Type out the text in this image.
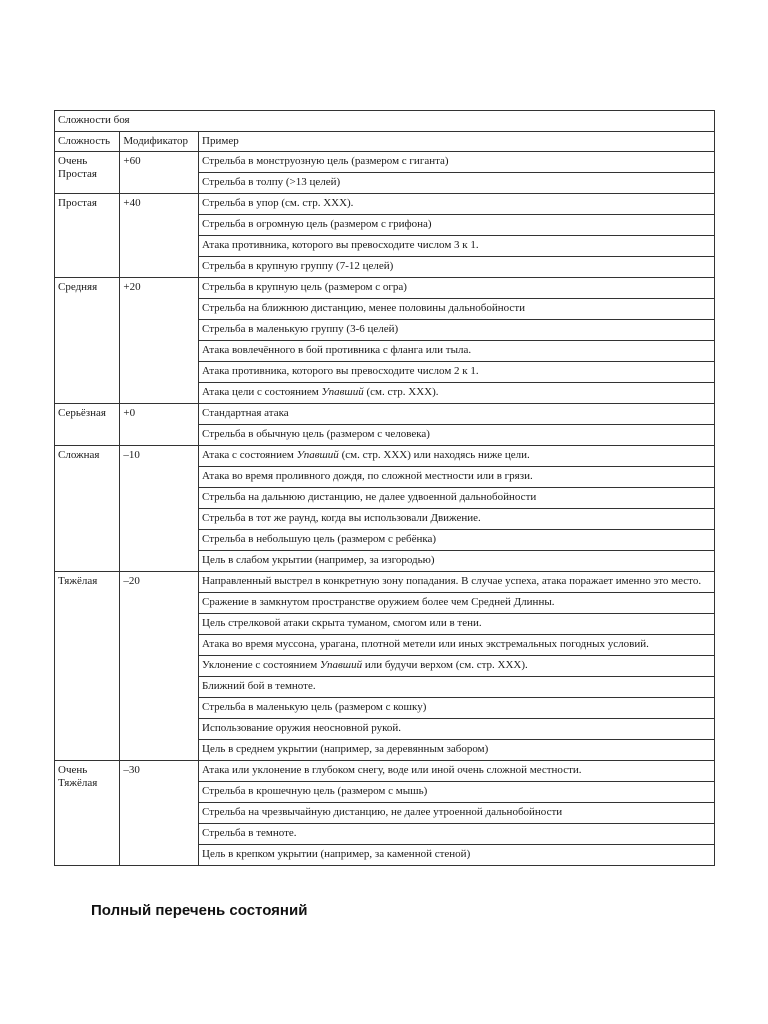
Сложности боя		
Сложность	Модификатор	Пример
Очень Простая	+60	Стрельба в монструозную цель (размером с гиганта)
		Стрельба в толпу (>13 целей)
Простая	+40	Стрельба в упор (см. стр. XXX).
		Стрельба в огромную цель (размером с грифона)
		Атака противника, которого вы превосходите числом 3 к 1.
		Стрельба в крупную группу (7-12 целей)
Средняя	+20	Стрельба в крупную цель (размером с огра)
		Стрельба на ближнюю дистанцию, менее половины дальнобойности
		Стрельба в маленькую группу (3-6 целей)
		Атака вовлечённого в бой противника с фланга или тыла.
		Атака противника, которого вы превосходите числом 2 к 1.
		Атака цели с состоянием Упавший (см. стр. XXX).
Серьёзная	+0	Стандартная атака
		Стрельба в обычную цель (размером с человека)
Сложная	–10	Атака с состоянием Упавший (см. стр. XXX) или находясь ниже цели.
		Атака во время проливного дождя, по сложной местности или в грязи.
		Стрельба на дальнюю дистанцию, не далее удвоенной дальнобойности
		Стрельба в тот же раунд, когда вы использовали Движение.
		Стрельба в небольшую цель (размером с ребёнка)
		Цель в слабом укрытии (например, за изгородью)
Тяжёлая	–20	Направленный выстрел в конкретную зону попадания. В случае успеха, атака поражает именно это место.
		Сражение в замкнутом пространстве оружием более чем Средней Длинны.
		Цель стрелковой атаки скрыта туманом, смогом или в тени.
		Атака во время муссона, урагана, плотной метели или иных экстремальных погодных условий.
		Уклонение с состоянием Упавший или будучи верхом (см. стр. XXX).
		Ближний бой в темноте.
		Стрельба в маленькую цель (размером с кошку)
		Использование оружия неосновной рукой.
		Цель в среднем укрытии (например, за деревянным забором)
Очень Тяжёлая	–30	Атака или уклонение в глубоком снегу, воде или иной очень сложной местности.
		Стрельба в крошечную цель (размером с мышь)
		Стрельба на чрезвычайную дистанцию, не далее утроенной дальнобойности
		Стрельба в темноте.
		Цель в крепком укрытии (например, за каменной стеной)
Полный перечень состояний
